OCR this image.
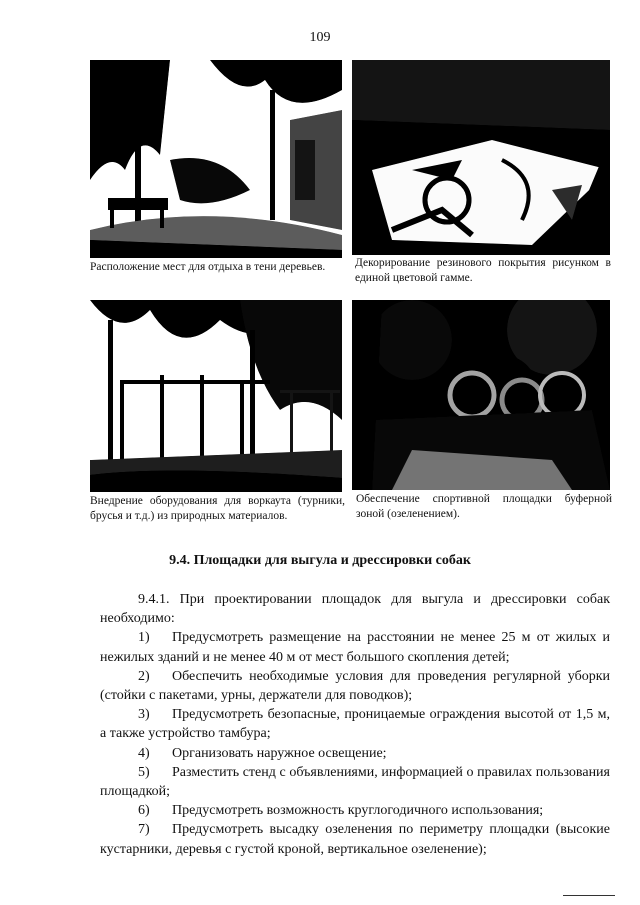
109
Расположение мест для отдыха в тени деревьев.	Декорирование резинового покрытия рисунком в единой цветовой гамме.
Внедрение оборудования для воркаута (турники, брусья и т.д.) из природных материалов.
Обеспечение спортивной площадки буферной зоной (озеленением).
9.4. Площадки для выгула и дрессировки собак

9.4.1. При проектировании площадок для выгула и дрессировки собак необходимо:

1) Предусмотреть размещение на расстоянии не менее 25 м от жилых и нежилых зданий и не менее 40 м от мест большого скопления детей;

2) Обеспечить необходимые условия для проведения регулярной уборки (стойки с пакетами, урны, держатели для поводков);

3) Предусмотреть безопасные, проницаемые ограждения высотой от 1,5 м, а также устройство тамбура;

4) Организовать наружное освещение;

5) Разместить стенд с объявлениями, информацией о правилах пользования площадкой;

6) Предусмотреть возможность круглогодичного использования;

7) Предусмотреть высадку озеленения по периметру площадки (высокие кустарники, деревья с густой кроной, вертикальное озеленение);
